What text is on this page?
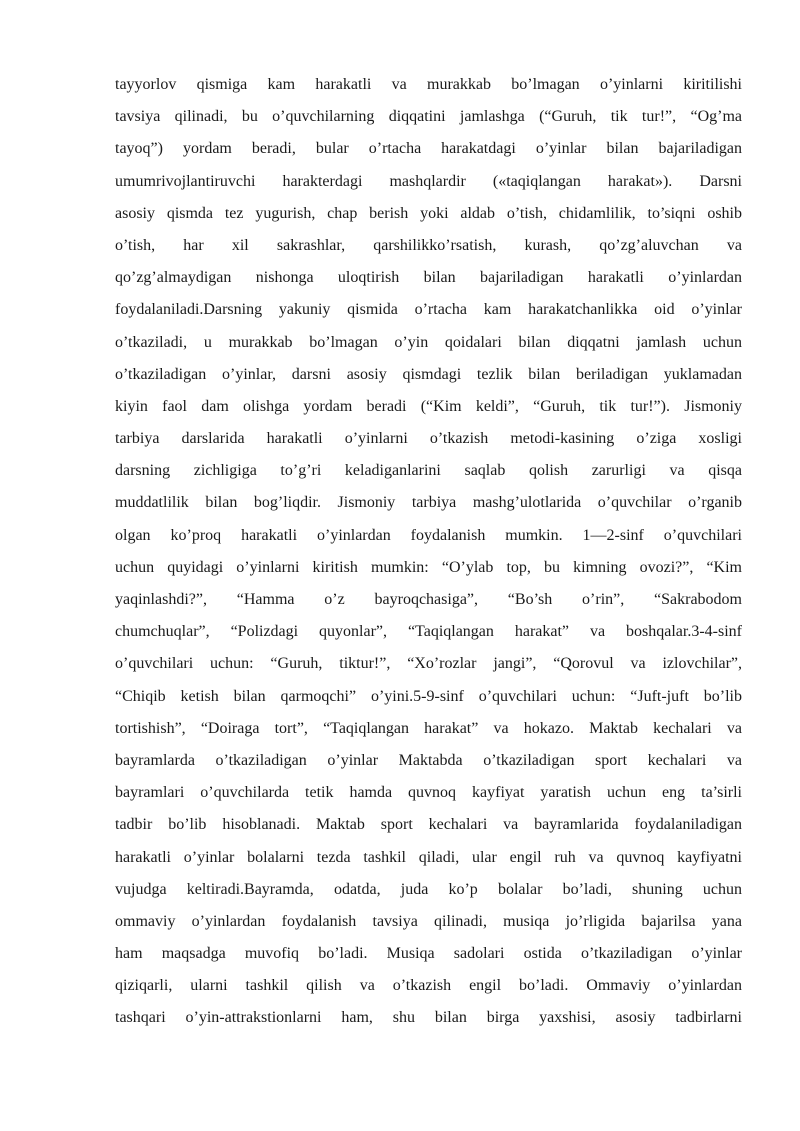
tayyorlov qismiga kam harakatli va murakkab bo’lmagan o’yinlarni kiritilishi
tavsiya qilinadi, bu o’quvchilarning diqqatini jamlashga (“Guruh, tik tur!”, “Og’ma
tayoq”) yordam beradi, bular o’rtacha harakatdagi o’yinlar bilan bajariladigan
umumrivojlantiruvchi harakterdagi mashqlardir («taqiqlangan harakat»). Darsni
asosiy qismda tez yugurish, chap berish yoki aldab o’tish, chidamlilik, to’siqni oshib
o’tish, har xil sakrashlar, qarshilikko’rsatish, kurash, qo’zg’aluvchan va
qo’zg’almaydigan nishonga uloqtirish bilan bajariladigan harakatli o’yinlardan
foydalaniladi.Darsning yakuniy qismida o’rtacha kam harakatchanlikka oid o’yinlar
o’tkaziladi, u murakkab bo’lmagan o’yin qoidalari bilan diqqatni jamlash uchun
o’tkaziladigan o’yinlar, darsni asosiy qismdagi tezlik bilan beriladigan yuklamadan
kiyin faol dam olishga yordam beradi (“Kim keldi”, “Guruh, tik tur!”). Jismoniy
tarbiya darslarida harakatli o’yinlarni o’tkazish metodi-kasining o’ziga xosligi
darsning zichligiga to’g’ri keladiganlarini saqlab qolish zarurligi va qisqa
muddatlilik bilan bog’liqdir. Jismoniy tarbiya mashg’ulotlarida o’quvchilar o’rganib
olgan ko’proq harakatli o’yinlardan foydalanish mumkin. 1—2-sinf o’quvchilari
uchun quyidagi o’yinlarni kiritish mumkin: “O’ylab top, bu kimning ovozi?”, “Kim
yaqinlashdi?”, “Hamma o’z bayroqchasiga”, “Bo’sh o’rin”, “Sakrabodom
chumchuqlar”, “Polizdagi quyonlar”, “Taqiqlangan harakat” va boshqalar.3-4-sinf
o’quvchilari uchun: “Guruh, tiktur!”, “Xo’rozlar jangi”, “Qorovul va izlovchilar”,
“Chiqib ketish bilan qarmoqchi” o’yini.5-9-sinf o’quvchilari uchun: “Juft-juft bo’lib
tortishish”, “Doiraga tort”, “Taqiqlangan harakat” va hokazo. Maktab kechalari va
bayramlarda o’tkaziladigan o’yinlar Maktabda o’tkaziladigan sport kechalari va
bayramlari o’quvchilarda tetik hamda quvnoq kayfiyat yaratish uchun eng ta’sirli
tadbir bo’lib hisoblanadi. Maktab sport kechalari va bayramlarida foydalaniladigan
harakatli o’yinlar bolalarni tezda tashkil qiladi, ular engil ruh va quvnoq kayfiyatni
vujudga keltiradi.Bayramda, odatda, juda ko’p bolalar bo’ladi, shuning uchun
ommaviy o’yinlardan foydalanish tavsiya qilinadi, musiqa jo’rligida bajarilsa yana
ham maqsadga muvofiq bo’ladi. Musiqa sadolari ostida o’tkaziladigan o’yinlar
qiziqarli, ularni tashkil qilish va o’tkazish engil bo’ladi. Ommaviy o’yinlardan
tashqari o’yin-attrakstionlarni ham, shu bilan birga yaxshisi, asosiy tadbirlarni
